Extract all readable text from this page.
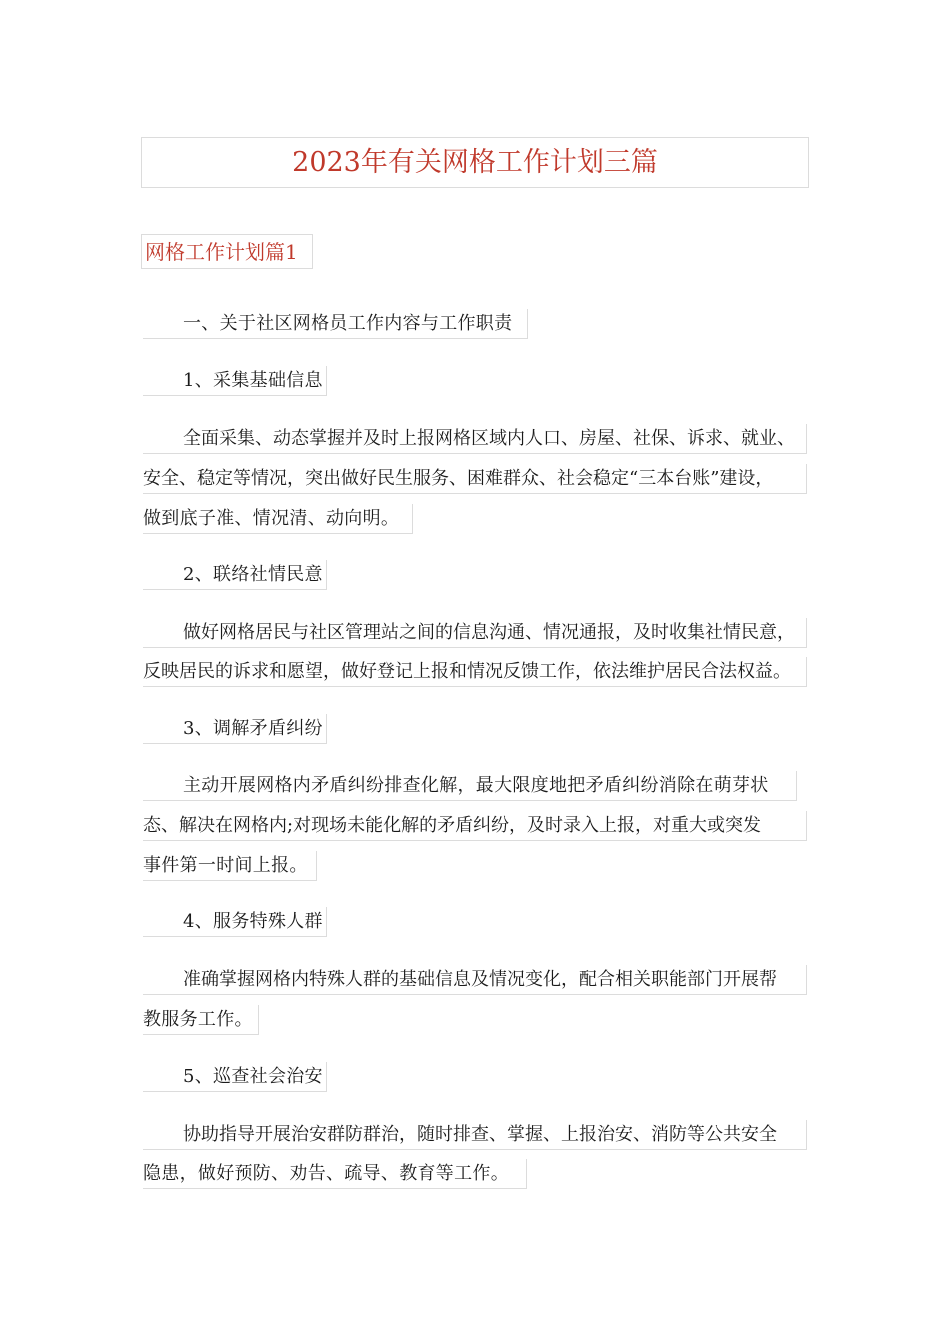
2023年有关网格工作计划三篇
网格工作计划篇1
一、关于社区网格员工作内容与工作职责
1、采集基础信息
全面采集、动态掌握并及时上报网格区域内人口、房屋、社保、诉求、就业、
安全、稳定等情况，突出做好民生服务、困难群众、社会稳定“三本台账”建设，
做到底子准、情况清、动向明。
2、联络社情民意
做好网格居民与社区管理站之间的信息沟通、情况通报，及时收集社情民意，
反映居民的诉求和愿望，做好登记上报和情况反馈工作，依法维护居民合法权益。
3、调解矛盾纠纷
主动开展网格内矛盾纠纷排查化解，最大限度地把矛盾纠纷消除在萌芽状
态、解决在网格内;对现场未能化解的矛盾纠纷，及时录入上报，对重大或突发
事件第一时间上报。
4、服务特殊人群
准确掌握网格内特殊人群的基础信息及情况变化，配合相关职能部门开展帮
教服务工作。
5、巡查社会治安
协助指导开展治安群防群治，随时排查、掌握、上报治安、消防等公共安全
隐患，做好预防、劝告、疏导、教育等工作。
